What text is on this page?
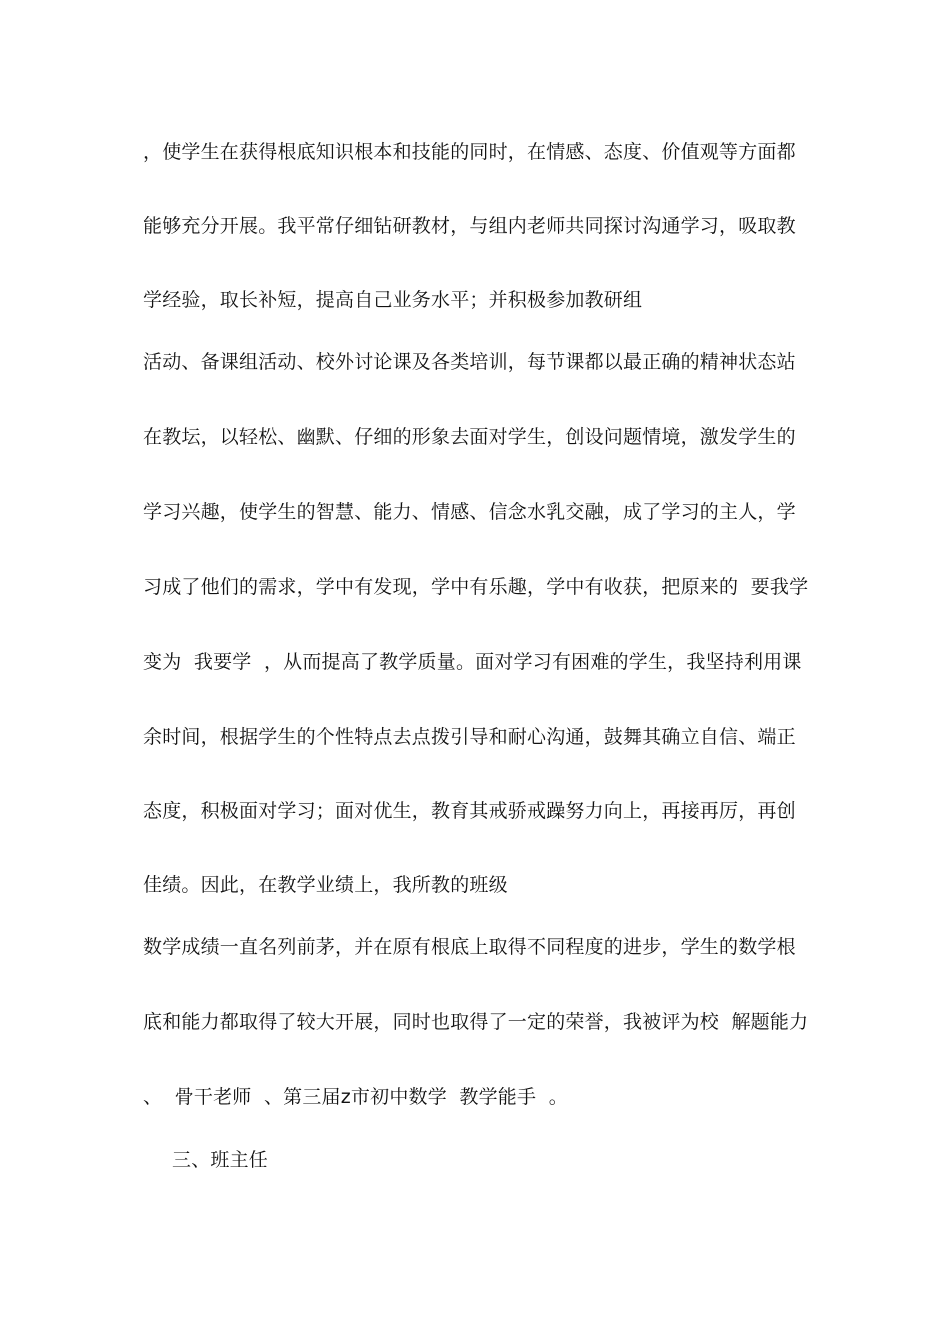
，使学生在获得根底知识根本和技能的同时，在情感、态度、价值观等方面都
能够充分开展。我平常仔细钻研教材，与组内老师共同探讨沟通学习，吸取教
学经验，取长补短，提高自己业务水平；并积极参加教研组
活动、备课组活动、校外讨论课及各类培训，每节课都以最正确的精神状态站
在教坛，以轻松、幽默、仔细的形象去面对学生，创设问题情境，激发学生的
学习兴趣，使学生的智慧、能力、情感、信念水乳交融，成了学习的主人，学
习成了他们的需求，学中有发现，学中有乐趣，学中有收获，把原来的  要我学
变为  我要学  ，从而提高了教学质量。面对学习有困难的学生，我坚持利用课
余时间，根据学生的个性特点去点拨引导和耐心沟通，鼓舞其确立自信、端正
态度，积极面对学习；面对优生，教育其戒骄戒躁努力向上，再接再厉，再创
佳绩。因此，在教学业绩上，我所教的班级
数学成绩一直名列前茅，并在原有根底上取得不同程度的进步，学生的数学根
底和能力都取得了较大开展，同时也取得了一定的荣誉，我被评为校  解题能力
、  骨干老师  、第三届z市初中数学  教学能手  。
三、班主任
